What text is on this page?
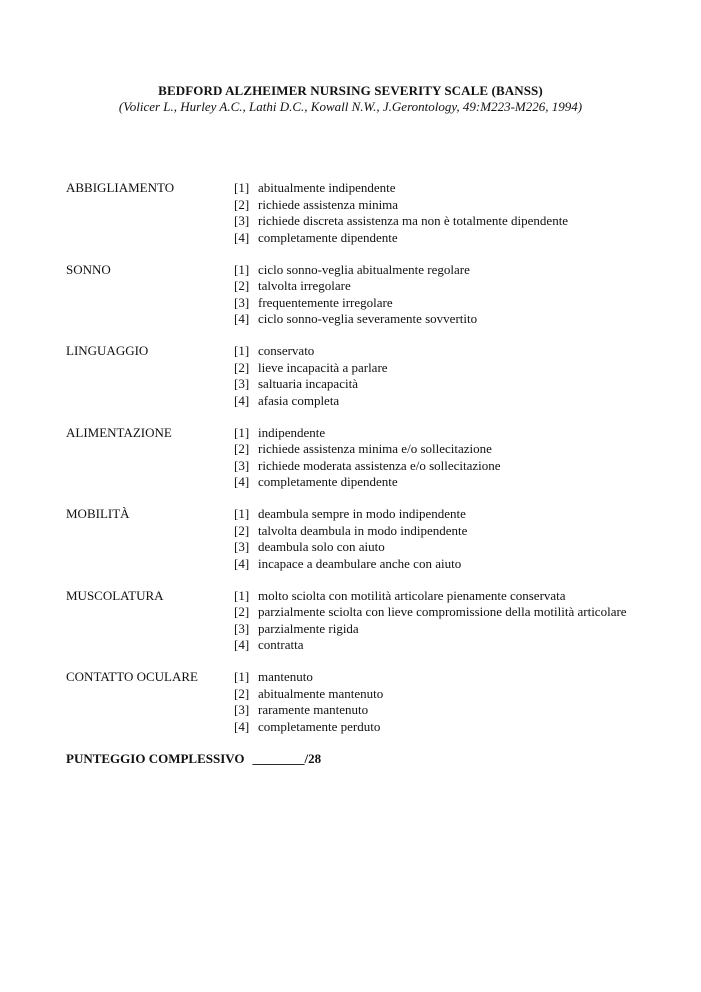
BEDFORD ALZHEIMER NURSING SEVERITY SCALE (BANSS)
(Volicer L., Hurley A.C., Lathi D.C., Kowall N.W., J.Gerontology, 49:M223-M226, 1994)
ABBIGLIAMENTO	[1] abitualmente indipendente
[2] richiede assistenza minima
[3] richiede discreta assistenza ma non è totalmente dipendente
[4] completamente dipendente
SONNO	[1] ciclo sonno-veglia abitualmente regolare
[2] talvolta irregolare
[3] frequentemente irregolare
[4] ciclo sonno-veglia severamente sovvertito
LINGUAGGIO	[1] conservato
[2] lieve incapacità a parlare
[3] saltuaria incapacità
[4] afasia completa
ALIMENTAZIONE	[1] indipendente
[2] richiede assistenza minima e/o sollecitazione
[3] richiede moderata assistenza e/o sollecitazione
[4] completamente dipendente
MOBILITÀ	[1] deambula sempre in modo indipendente
[2] talvolta deambula in modo indipendente
[3] deambula solo con aiuto
[4] incapace a deambulare anche con aiuto
MUSCOLATURA	[1] molto sciolta con motilità articolare pienamente conservata
[2] parzialmente sciolta con lieve compromissione della motilità articolare
[3] parzialmente rigida
[4] contratta
CONTATTO OCULARE	[1] mantenuto
[2] abitualmente mantenuto
[3] raramente mantenuto
[4] completamente perduto
PUNTEGGIO COMPLESSIVO ________/28
